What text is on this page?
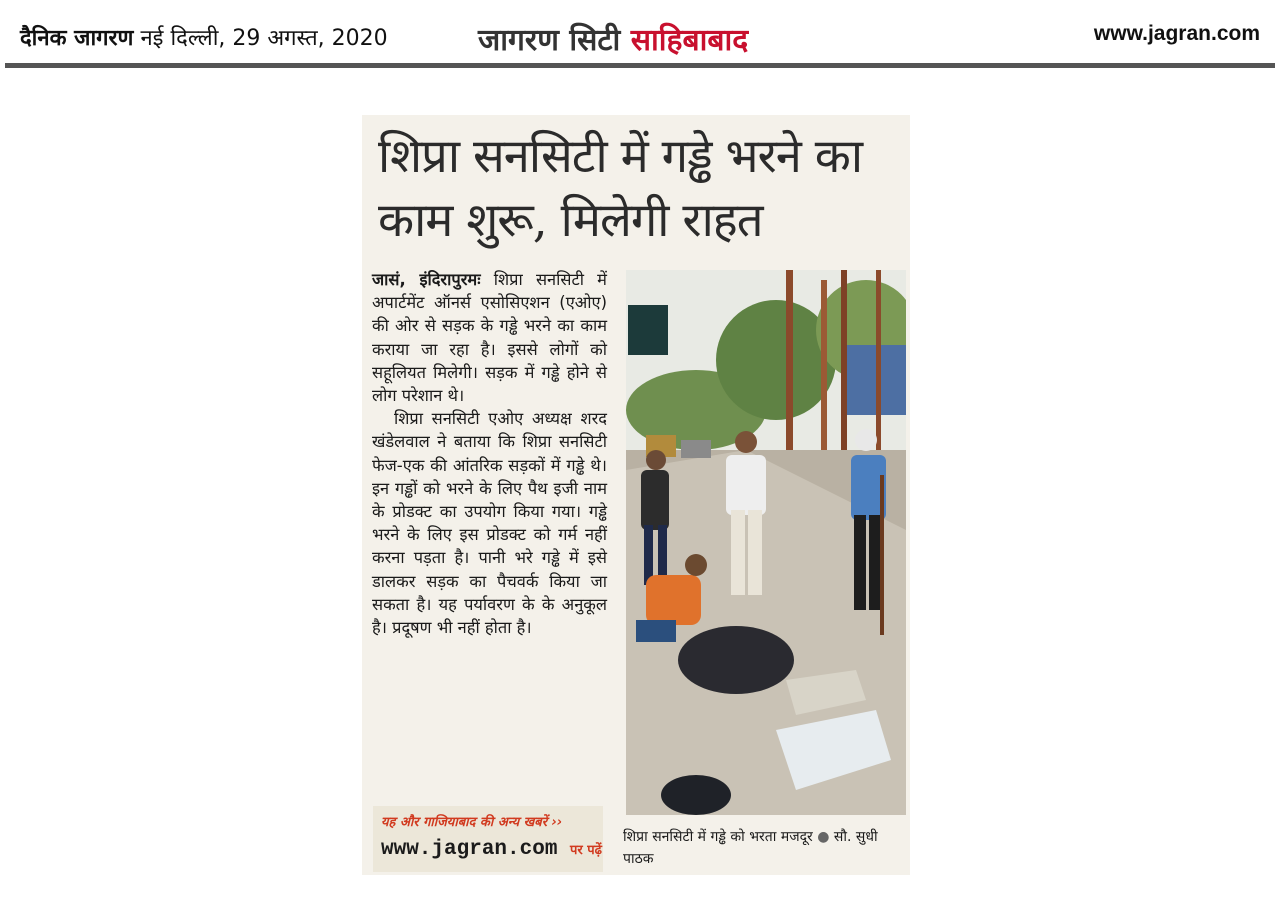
दैनिक जागरण नई दिल्ली, 29 अगस्त, 2020	जागरण सिटी साहिबाबाद	www.jagran.com
शिप्रा सनसिटी में गड्ढे भरने का काम शुरू, मिलेगी राहत

जासं, इंदिरापुरमः शिप्रा सनसिटी में अपार्टमेंट ऑनर्स एसोसिएशन (एओए) की ओर से सड़क के गड्ढे भरने का काम कराया जा रहा है। इससे लोगों को सहूलियत मिलेगी। सड़क में गड्ढे होने से लोग परेशान थे।

शिप्रा सनसिटी एओए अध्यक्ष शरद खंडेलवाल ने बताया कि शिप्रा सनसिटी फेज-एक की आंतरिक सड़कों में गड्ढे थे। इन गड्ढों को भरने के लिए पैथ इजी नाम के प्रोडक्ट का उपयोग किया गया। गड्ढे भरने के लिए इस प्रोडक्ट को गर्म नहीं करना पड़ता है। पानी भरे गड्ढे में इसे डालकर सड़क का पैचवर्क किया जा सकता है। यह पर्यावरण के के अनुकूल है। प्रदूषण भी नहीं होता है।

यह और गाजियाबाद की अन्य खबरें ››
www.jagran.com पर पढ़ें
शिप्रा सनसिटी में गड्ढे को भरता मजदूर ● सौ. सुधी पाठक
